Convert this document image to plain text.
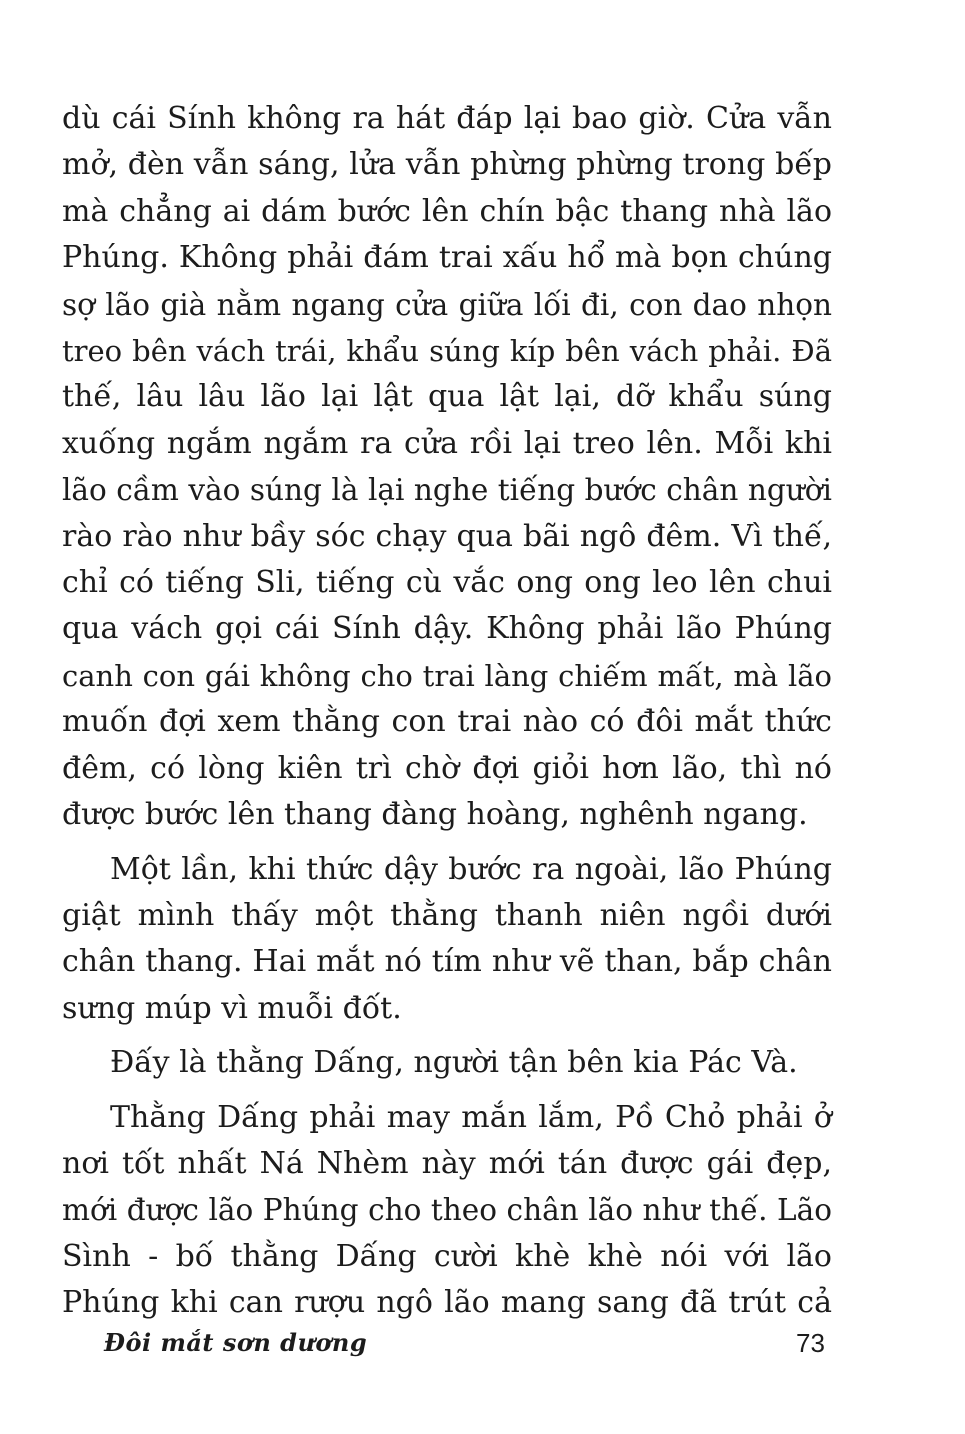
dù cái Sính không ra hát đáp lại bao giờ. Cửa vẫn
mở, đèn vẫn sáng, lửa vẫn phừng phừng trong bếp
mà chẳng ai dám bước lên chín bậc thang nhà lão
Phúng. Không phải đám trai xấu hổ mà bọn chúng
sợ lão già nằm ngang cửa giữa lối đi, con dao nhọn
treo bên vách trái, khẩu súng kíp bên vách phải. Đã
thế, lâu lâu lão lại lật qua lật lại, dỡ khẩu súng
xuống ngắm ngắm ra cửa rồi lại treo lên. Mỗi khi
lão cầm vào súng là lại nghe tiếng bước chân người
rào rào như bầy sóc chạy qua bãi ngô đêm. Vì thế,
chỉ có tiếng Sli, tiếng cù vắc ong ong leo lên chui
qua vách gọi cái Sính dậy. Không phải lão Phúng
canh con gái không cho trai làng chiếm mất, mà lão
muốn đợi xem thằng con trai nào có đôi mắt thức
đêm, có lòng kiên trì chờ đợi giỏi hơn lão, thì nó
được bước lên thang đàng hoàng, nghênh ngang.
Một lần, khi thức dậy bước ra ngoài, lão Phúng
giật mình thấy một thằng thanh niên ngồi dưới
chân thang. Hai mắt nó tím như vẽ than, bắp chân
sưng múp vì muỗi đốt.
Đấy là thằng Dấng, người tận bên kia Pác Và.
Thằng Dấng phải may mắn lắm, Pồ Chỏ phải ở
nơi tốt nhất Ná Nhèm này mới tán được gái đẹp,
mới được lão Phúng cho theo chân lão như thế. Lão
Sình - bố thằng Dấng cười khè khè nói với lão
Phúng khi can rượu ngô lão mang sang đã trút cả
Đôi mắt sơn dương	73
